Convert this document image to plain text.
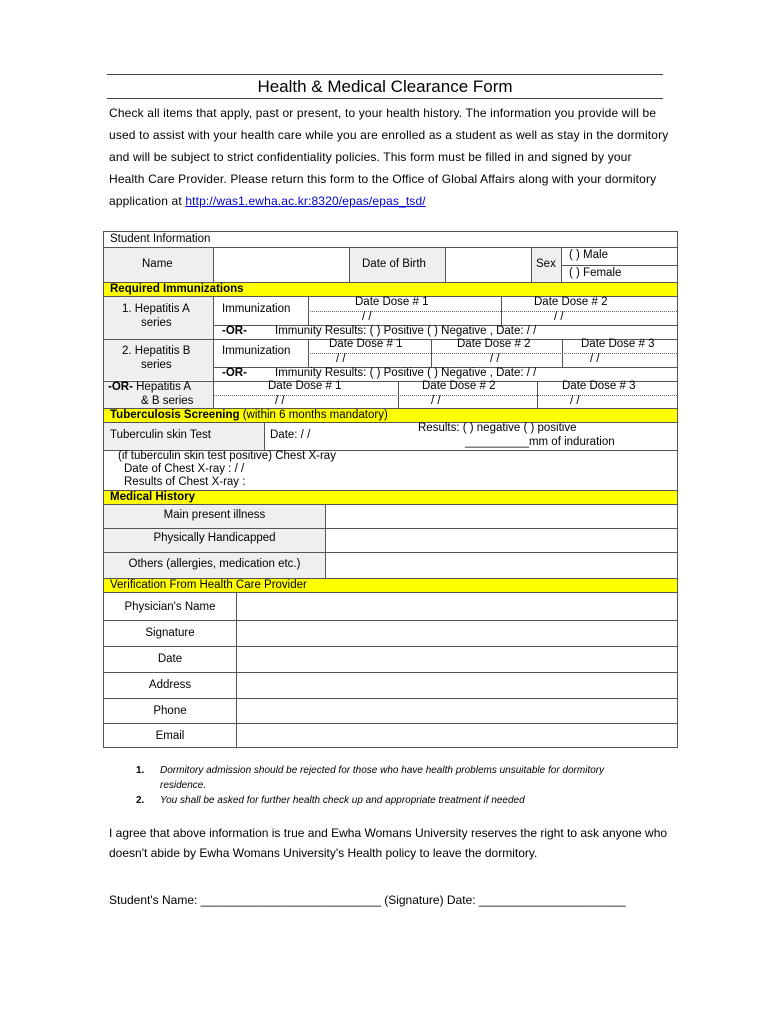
Health & Medical Clearance Form
Check all items that apply, past or present, to your health history. The information you provide will be used to assist with your health care while you are enrolled as a student as well as stay in the dormitory and will be subject to strict confidentiality policies. This form must be filled in and signed by your Health Care Provider. Please return this form to the Office of Global Affairs along with your dormitory application at http://was1.ewha.ac.kr:8320/epas/epas_tsd/
Student Information
Name	Date of Birth	Sex
( ) Male
( ) Female
Required Immunizations
1. Hepatitis A
series
Immunization
Date Dose # 1	Date Dose # 2
/ /	/ /
-OR- Immunity Results: ( ) Positive ( ) Negative , Date: / /
2. Hepatitis B
series
Immunization
Date Dose # 1	Date Dose # 2	Date Dose # 3
/ /	/ /	/ /
-OR- Immunity Results: ( ) Positive ( ) Negative , Date: / /
-OR- Hepatitis A
& B series
Date Dose # 1	Date Dose # 2	Date Dose # 3
/ /	/ /	/ /
Tuberculosis Screening (within 6 months mandatory)
Tuberculin skin Test	Date: / /
Results: ( ) negative ( ) positive
__________mm of induration
(if tuberculin skin test positive) Chest X-ray
Date of Chest X-ray : / /
Results of Chest X-ray :
Medical History
Main present illness
Physically Handicapped
Others (allergies, medication etc.)
Verification From Health Care Provider
Physician's Name
Signature
Date
Address
Phone
Email
1. Dormitory admission should be rejected for those who have health problems unsuitable for dormitory residence.
2. You shall be asked for further health check up and appropriate treatment if needed
I agree that above information is true and Ewha Womans University reserves the right to ask anyone who doesn't abide by Ewha Womans University's Health policy to leave the dormitory.
Student's Name: ___________________________ (Signature) Date: ______________________
